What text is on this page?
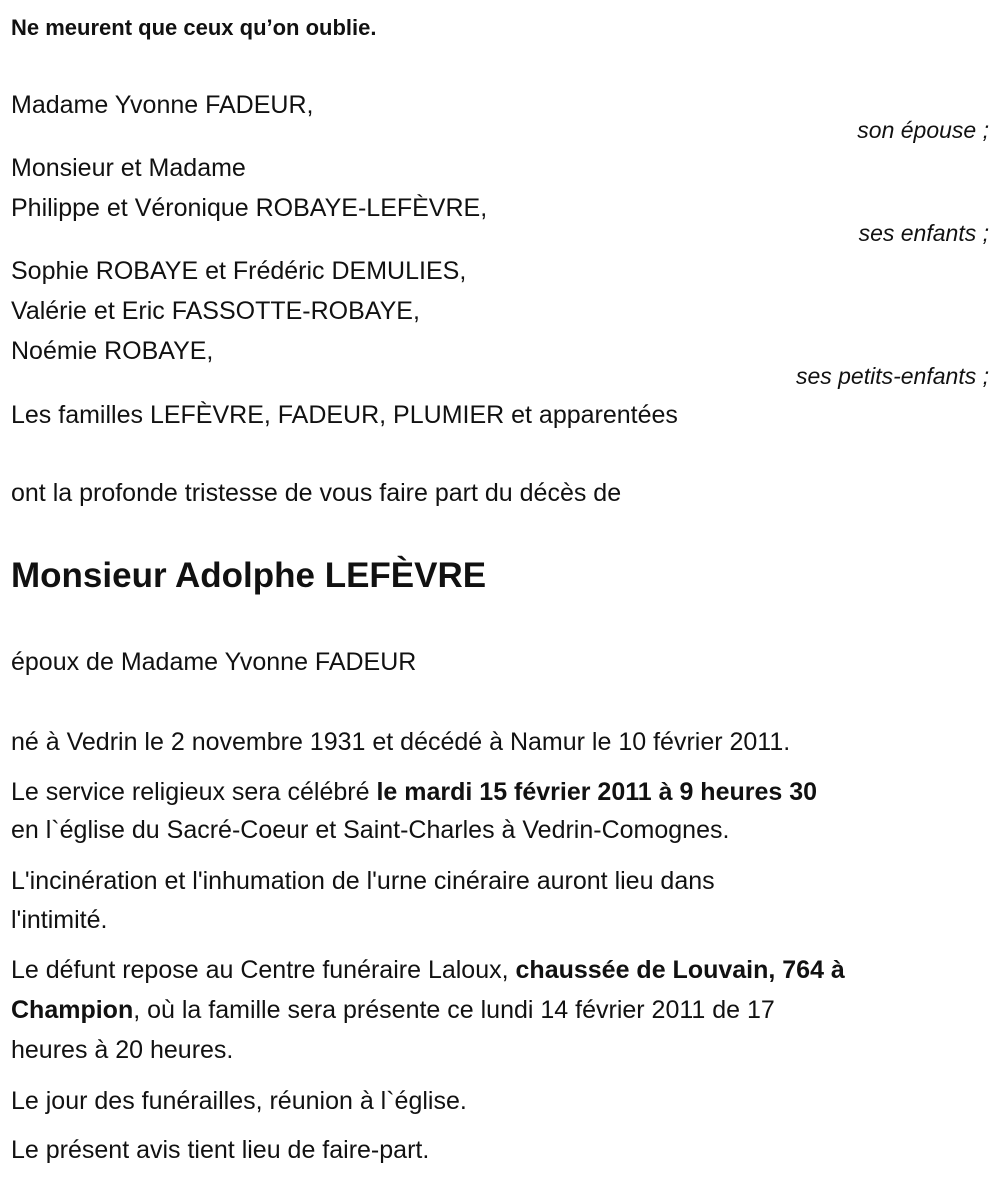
Ne meurent que ceux qu’on oublie.
Madame Yvonne FADEUR,
son épouse ;
Monsieur et Madame
Philippe et Véronique ROBAYE-LEFÈVRE,
ses enfants ;
Sophie ROBAYE et Frédéric DEMULIES,
Valérie et Eric FASSOTTE-ROBAYE,
Noémie ROBAYE,
ses petits-enfants ;
Les familles LEFÈVRE, FADEUR, PLUMIER et apparentées
ont la profonde tristesse de vous faire part du décès de
Monsieur Adolphe LEFÈVRE
époux de Madame Yvonne FADEUR
né à Vedrin le 2 novembre 1931 et décédé à Namur le 10 février 2011.
Le service religieux sera célébré le mardi 15 février 2011 à 9 heures 30
en l`église du Sacré-Coeur et Saint-Charles à Vedrin-Comognes.
L'incinération et l'inhumation de l'urne cinéraire auront lieu dans
l'intimité.
Le défunt repose au Centre funéraire Laloux, chaussée de Louvain, 764 à
Champion, où la famille sera présente ce lundi 14 février 2011 de 17
heures à 20 heures.
Le jour des funérailles, réunion à l`église.
Le présent avis tient lieu de faire-part.
